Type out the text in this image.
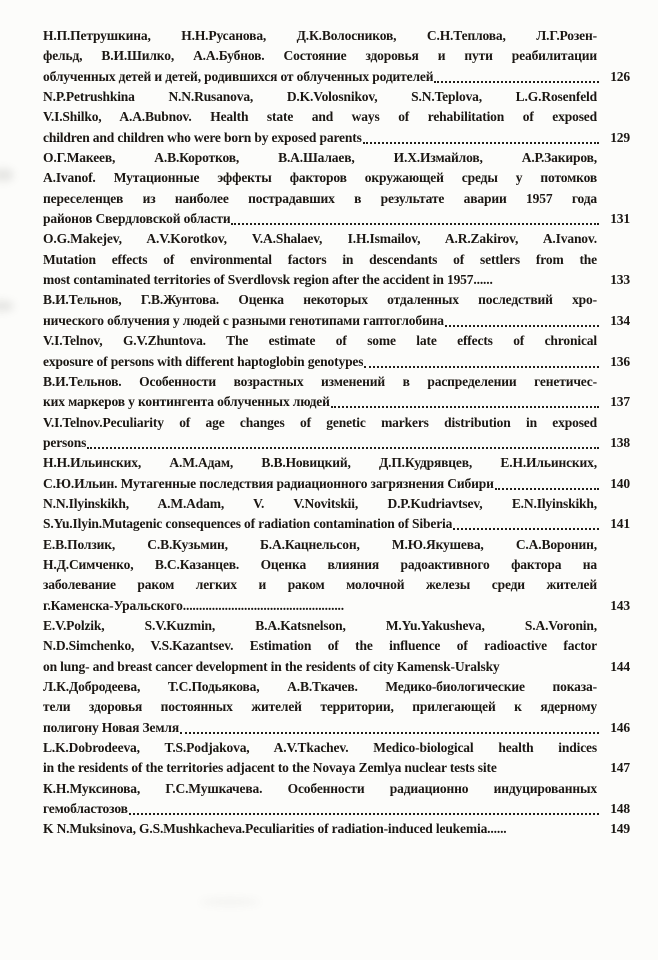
Н.П.Петрушкина, Н.Н.Русанова, Д.К.Волосников, С.Н.Теплова, Л.Г.Розен-
фельд, В.И.Шилко, А.А.Бубнов. Состояние здоровья и пути реабилитации
облученных детей и детей, родившихся от облученных родителей	126
N.P.Petrushkina N.N.Rusanova, D.K.Volosnikov, S.N.Teplova, L.G.Rosenfeld
V.I.Shilko, A.A.Bubnov. Health state and ways of rehabilitation of exposed
children and children who were born by exposed parents	129
О.Г.Макеев, А.В.Коротков, В.А.Шалаев, И.Х.Измайлов, А.Р.Закиров,
A.Ivanof. Мутационные эффекты факторов окружающей среды у потомков
переселенцев из наиболее пострадавших в результате аварии 1957 года
районов Свердловской области	131
O.G.Makejev, A.V.Korotkov, V.A.Shalaev, I.H.Ismailov, A.R.Zakirov, A.Ivanov.
Mutation effects of environmental factors in descendants of settlers from the
most contaminated territories of Sverdlovsk region after the accident in 1957......	133
В.И.Тельнов, Г.В.Жунтова. Оценка некоторых отдаленных последствий хро-
нического облучения у людей с разными генотипами гаптоглобина	134
V.I.Telnov, G.V.Zhuntova. The estimate of some late effects of chronical
exposure of persons with different haptoglobin genotypes	136
В.И.Тельнов. Особенности возрастных изменений в распределении генетичес-
ких маркеров у контингента облученных людей	137
V.I.Telnov.Peculiarity of age changes of genetic markers distribution in exposed
persons	138
Н.Н.Ильинских, А.М.Адам, В.В.Новицкий, Д.П.Кудрявцев, Е.Н.Ильинских,
С.Ю.Ильин. Мутагенные последствия радиационного загрязнения Сибири	140
N.N.Ilyinskikh, A.M.Adam, V. V.Novitskii, D.P.Kudriavtsev, E.N.Ilyinskikh,
S.Yu.Ilyin.Mutagenic consequences of radiation contamination of Siberia	141
Е.В.Ползик, С.В.Кузьмин, Б.А.Кацнельсон, М.Ю.Якушева, С.А.Воронин,
Н.Д.Симченко, В.С.Казанцев. Оценка влияния радоактивного фактора на
заболевание раком легких и раком молочной железы среди жителей
г.Каменска-Уральского..................................................	143
E.V.Polzik, S.V.Kuzmin, B.A.Katsnelson, M.Yu.Yakusheva, S.A.Voronin,
N.D.Simchenko, V.S.Kazantsev. Estimation of the influence of radioactive factor
on lung- and breast cancer development in the residents of city Kamensk-Uralsky	144
Л.К.Добродеева, Т.С.Подьякова, А.В.Ткачев. Медико-биологические показа-
тели здоровья постоянных жителей территории, прилегающей к ядерному
полигону Новая Земля	146
L.K.Dobrodeeva, T.S.Podjakova, A.V.Tkachev. Medico-biological health indices
in the residents of the territories adjacent to the Novaya Zemlya nuclear tests site	147
К.Н.Муксинова, Г.С.Мушкачева. Особенности радиационно индуцированных
гемобластозов	148
K N.Muksinova, G.S.Mushkacheva.Peculiarities of radiation-induced leukemia......	149
